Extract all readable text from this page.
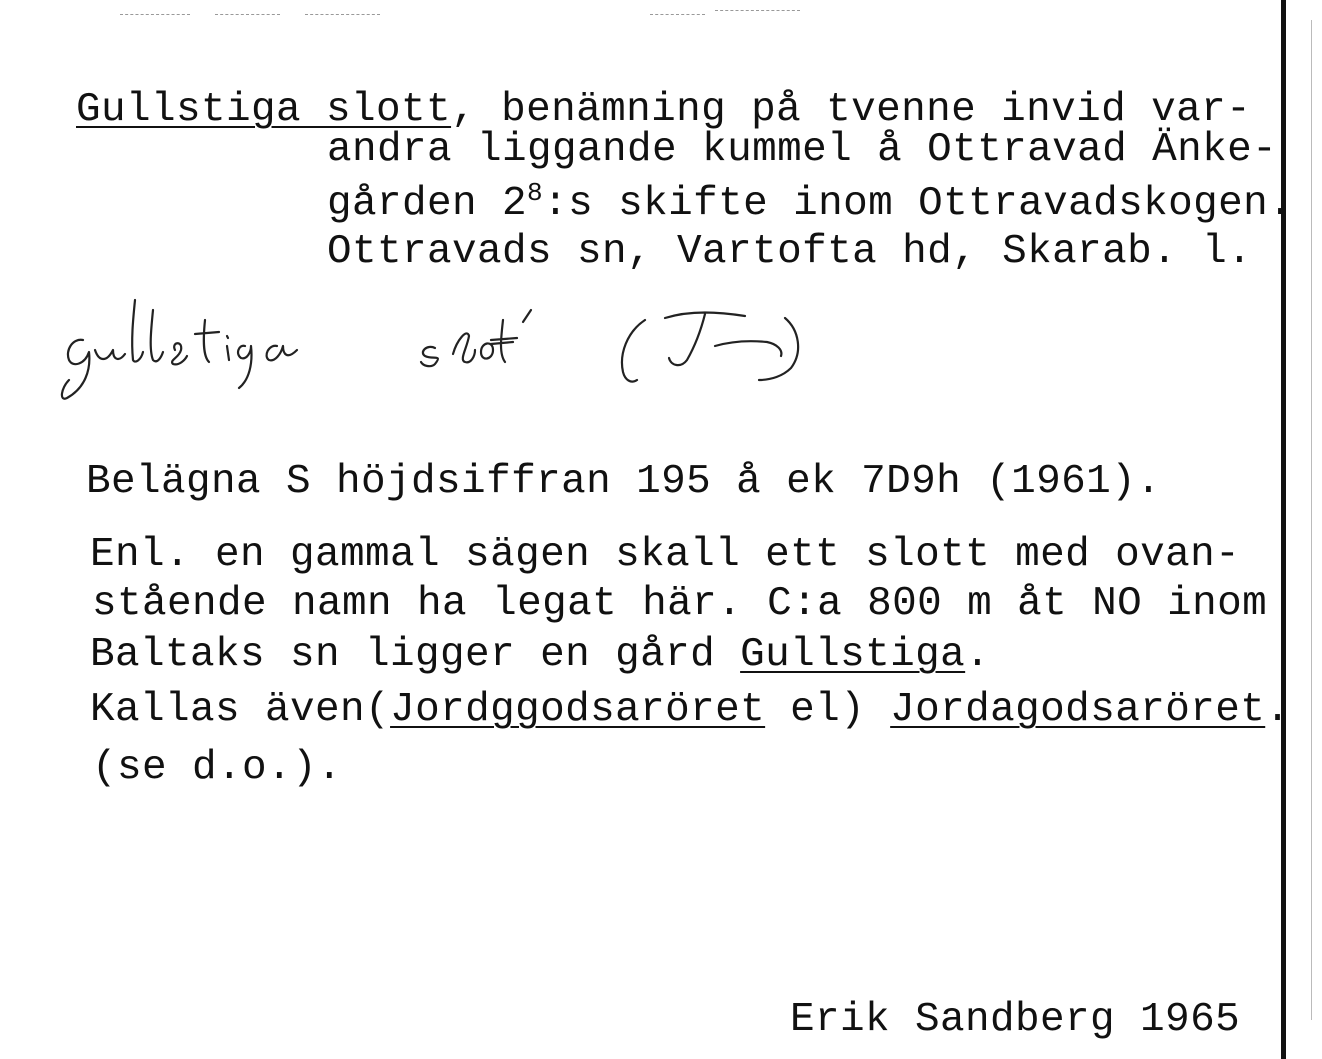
Gullstiga slott, benämning på tvenne invid var-
andra liggande kummel å Ottravad Änke-
gården $2^8:s$ skifte inom Ottravadskogen.
Ottravads sn, Vartofta hd, Skarab. l.
Belägna S höjdsiffran 195 å ek 7D9h (1961).
Enl. en gammal sägen skall ett slott med ovan-
stående namn ha legat här. C:a 800 m åt NO inom
Baltaks sn ligger en gård Gullstiga.
Kallas även(Jordggodsaröret el) Jordagodsaröret.
(se d.o.).
Erik Sandberg 1965
